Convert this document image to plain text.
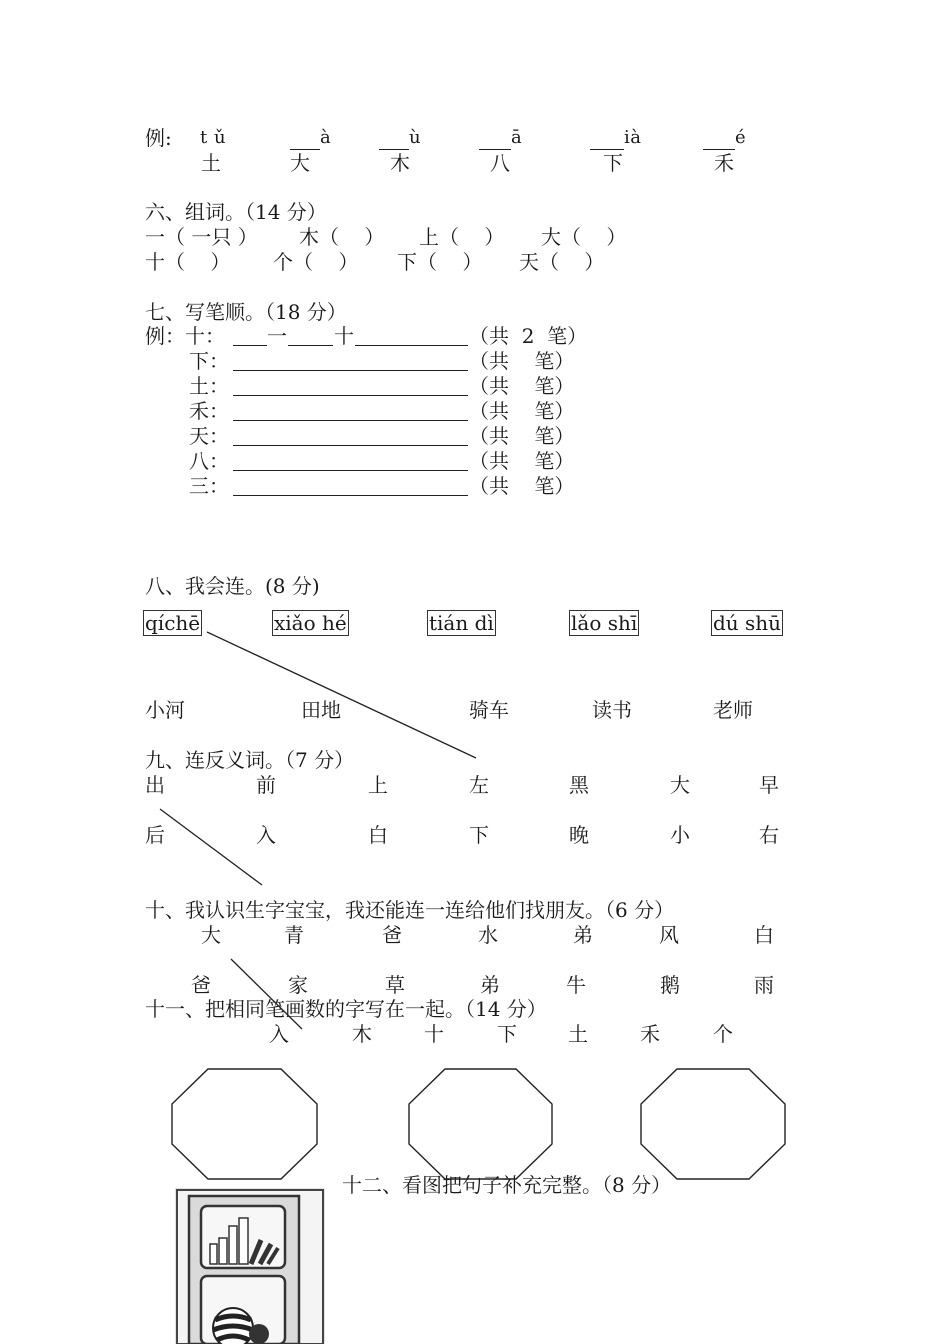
例: t ǔ	à	ù	ā	ià	é
土	大	木	八	下	禾
六、组词。（14 分）
一（ 一只 ） 木（    ） 上（    ） 大（    ）
十（    ） 个（    ） 下（    ） 天（    ）
七、写笔顺。（18 分）
例：十： 一 十	（共  2  笔）
下：	（共    笔）
土：	（共    笔）
禾：	（共    笔）
天：	（共    笔）
八：	（共    笔）
三：	（共    笔）
八、我会连。(8 分)
qíchē	xiǎo hé	tián dì	lǎo shī	dú shū
小河	田地	骑车	读书	老师
九、连反义词。（7 分）
出	前	上	左	黑	大	早
后	入	白	下	晚	小	右
十、我认识生字宝宝，我还能连一连给他们找朋友。（6 分）
大	青	爸	水	弟	风	白
爸	家	草	弟	牛	鹅	雨
十一、把相同笔画数的字写在一起。（14 分）
入	木	十	下	土	禾	个
十二、看图把句子补充完整。（8 分）
